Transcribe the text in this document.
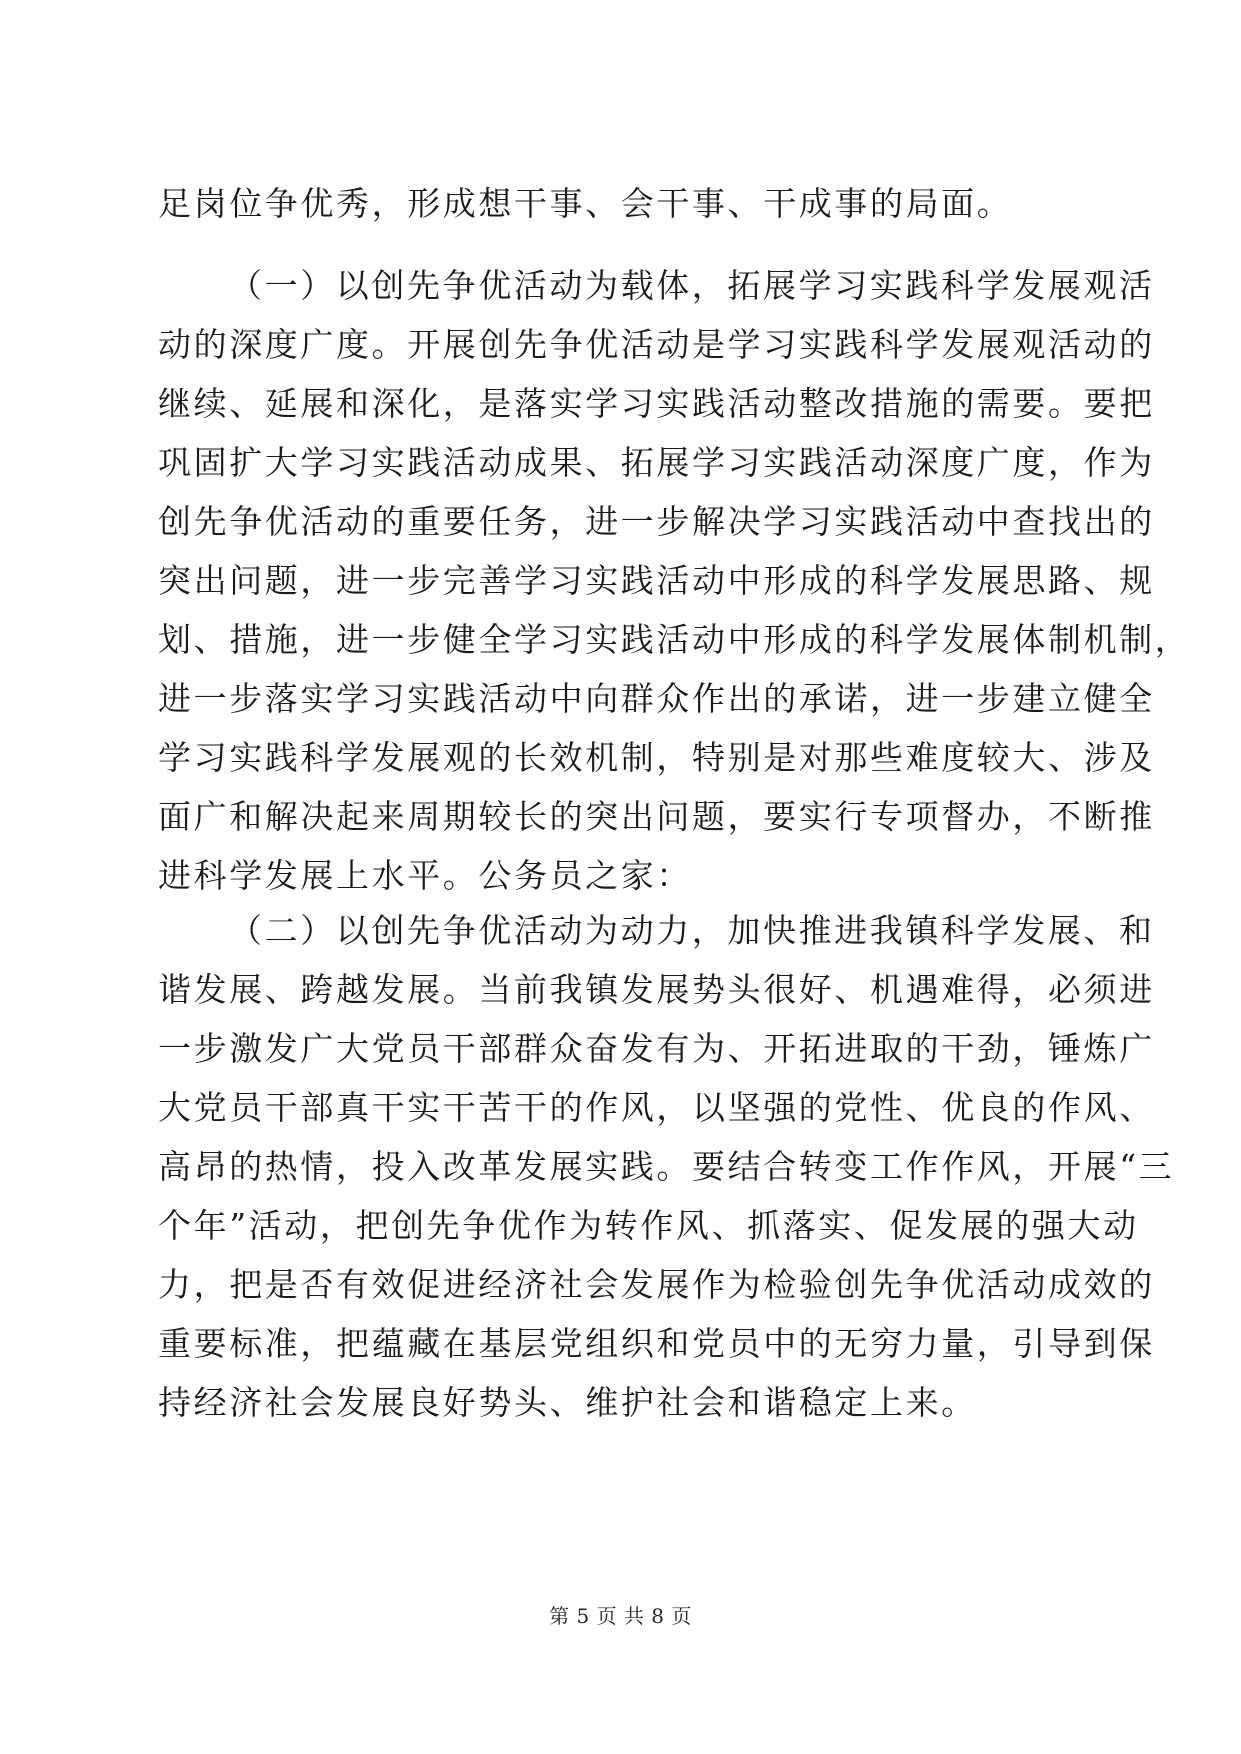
足岗位争优秀，形成想干事、会干事、干成事的局面。
（一）以创先争优活动为载体，拓展学习实践科学发展观活
动的深度广度。开展创先争优活动是学习实践科学发展观活动的
继续、延展和深化，是落实学习实践活动整改措施的需要。要把
巩固扩大学习实践活动成果、拓展学习实践活动深度广度，作为
创先争优活动的重要任务，进一步解决学习实践活动中查找出的
突出问题，进一步完善学习实践活动中形成的科学发展思路、规
划、措施，进一步健全学习实践活动中形成的科学发展体制机制，
进一步落实学习实践活动中向群众作出的承诺，进一步建立健全
学习实践科学发展观的长效机制，特别是对那些难度较大、涉及
面广和解决起来周期较长的突出问题，要实行专项督办，不断推
进科学发展上水平。公务员之家：
（二）以创先争优活动为动力，加快推进我镇科学发展、和
谐发展、跨越发展。当前我镇发展势头很好、机遇难得，必须进
一步激发广大党员干部群众奋发有为、开拓进取的干劲，锤炼广
大党员干部真干实干苦干的作风，以坚强的党性、优良的作风、
高昂的热情，投入改革发展实践。要结合转变工作作风，开展“三
个年”活动，把创先争优作为转作风、抓落实、促发展的强大动
力，把是否有效促进经济社会发展作为检验创先争优活动成效的
重要标准，把蕴藏在基层党组织和党员中的无穷力量，引导到保
持经济社会发展良好势头、维护社会和谐稳定上来。
第 5 页 共 8 页
